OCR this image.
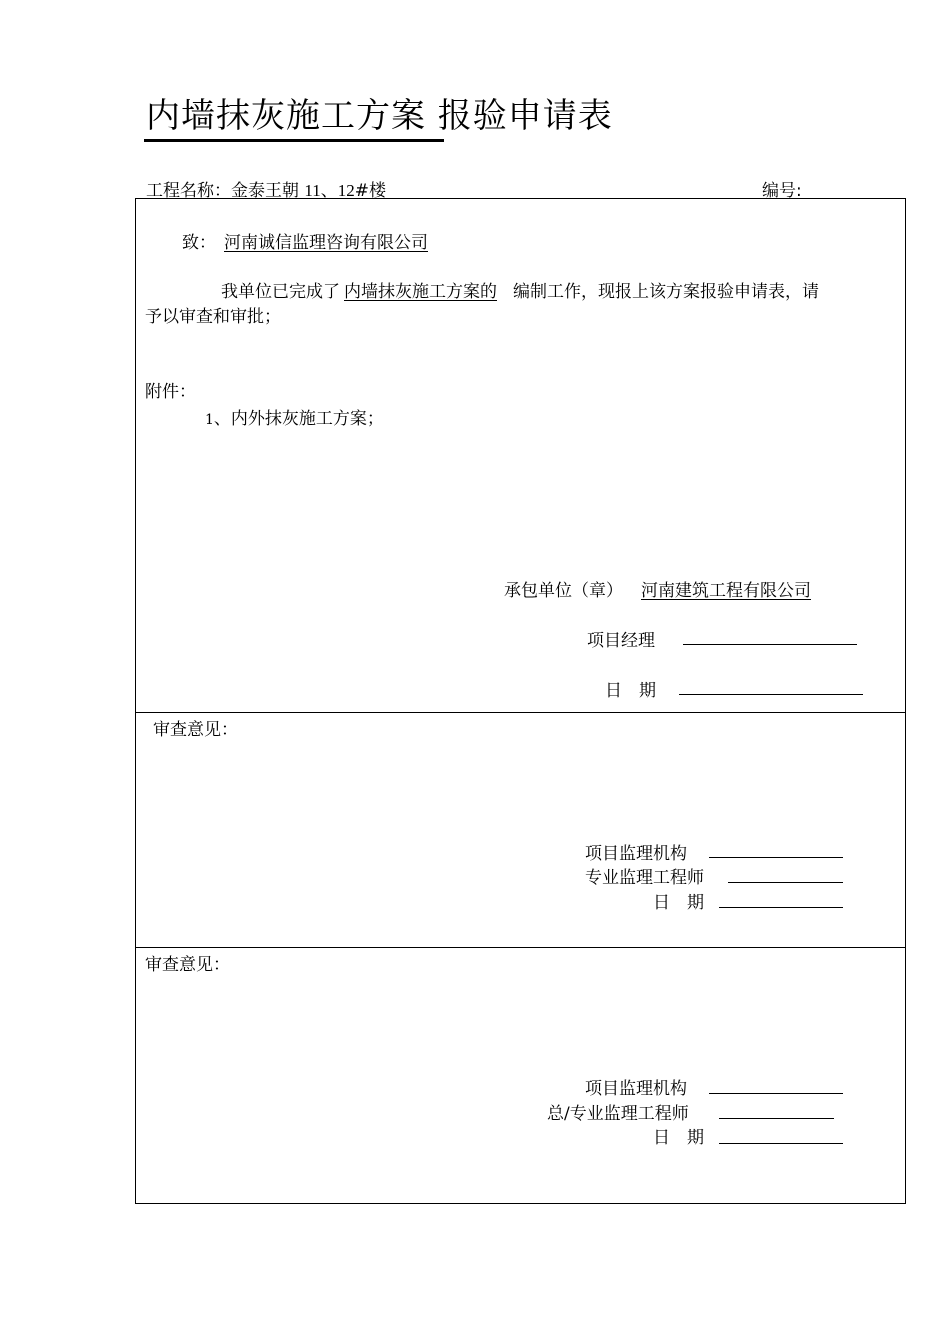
内墙抹灰施工方案 报验申请表
工程名称：金泰王朝 11、12#楼	编号:
致： 河南诚信监理咨询有限公司
我单位已完成了 内墙抹灰施工方案的 编制工作，现报上该方案报验申请表，请
予以审查和审批；
附件：
1、内外抹灰施工方案；
承包单位（章） 河南建筑工程有限公司
项目经理
日　期
审查意见：
项目监理机构
专业监理工程师
日　期
审查意见：
项目监理机构
总/专业监理工程师
日　期
